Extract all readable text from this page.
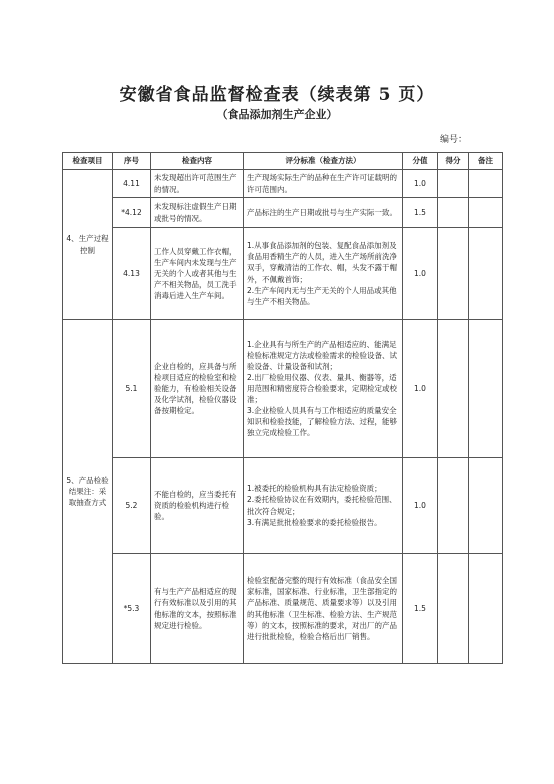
安徽省食品监督检查表（续表第 5 页）
（食品添加剂生产企业）
编号：
检查项目	序号	检查内容	评分标准（检查方法）	分值	得分	备注
4、生产过程控制	4.11	未发现超出许可范围生产的情况。	生产现场实际生产的品种在生产许可证载明的许可范围内。	1.0		
	*4.12	未发现标注虚假生产日期或批号的情况。	产品标注的生产日期或批号与生产实际一致。	1.5		
	4.13	工作人员穿戴工作衣帽，生产车间内未发现与生产无关的个人或者其他与生产不相关物品，员工洗手消毒后进入生产车间。	1.从事食品添加剂的包装、复配食品添加剂及食品用香精生产的人员，进入生产场所前洗净双手，穿戴清洁的工作衣、帽，头发不露于帽外，不佩戴首饰；
2.生产车间内无与生产无关的个人用品或其他与生产不相关物品。	1.0		
5、产品检验结果注：采取抽查方式	5.1	企业自检的，应具备与所检项目适应的检验室和检验能力，有检验相关设备及化学试剂，检验仪器设备按期检定。	1.企业具有与所生产的产品相适应的、能满足检验标准规定方法或检验需求的检验设备、试验设备、计量设备和试剂；
2.出厂检验用仪器、仪表、量具、衡器等，适用范围和精密度符合检验要求，定期检定或校准；
3.企业检验人员具有与工作相适应的质量安全知识和检验技能，了解检验方法、过程，能够独立完成检验工作。	1.0		
	5.2	不能自检的，应当委托有资质的检验机构进行检验。	1.被委托的检验机构具有法定检验资质；
2.委托检验协议在有效期内，委托检验范围、批次符合规定；
3.有满足批批检验要求的委托检验报告。	1.0		
	*5.3	有与生产产品相适应的现行有效标准以及引用的其他标准的文本，按照标准规定进行检验。	检验室配备完整的现行有效标准（食品安全国家标准，国家标准、行业标准，卫生部指定的产品标准、质量规范、质量要求等）以及引用的其他标准（卫生标准、检验方法、生产规范等）的文本，按照标准的要求，对出厂的产品进行批批检验，检验合格后出厂销售。	1.5		
